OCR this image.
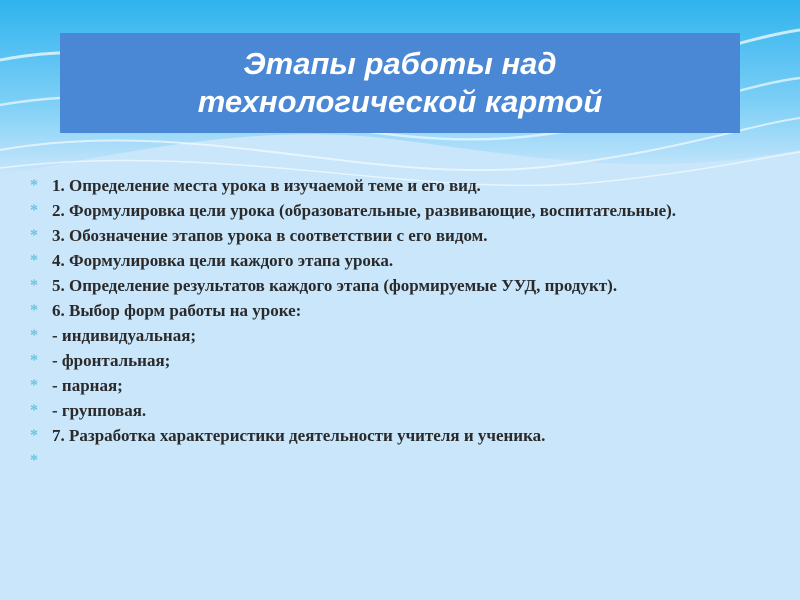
Этапы работы над технологической картой
* 1. Определение места урока в изучаемой теме и его вид.
* 2. Формулировка цели урока (образовательные, развивающие, воспитательные).
* 3. Обозначение этапов урока в соответствии с его видом.
* 4. Формулировка цели каждого этапа урока.
* 5. Определение результатов каждого этапа (формируемые УУД, продукт).
* 6. Выбор форм работы на уроке:
* - индивидуальная;
* - фронтальная;
* - парная;
* - групповая.
* 7. Разработка характеристики деятельности учителя и ученика.
*
